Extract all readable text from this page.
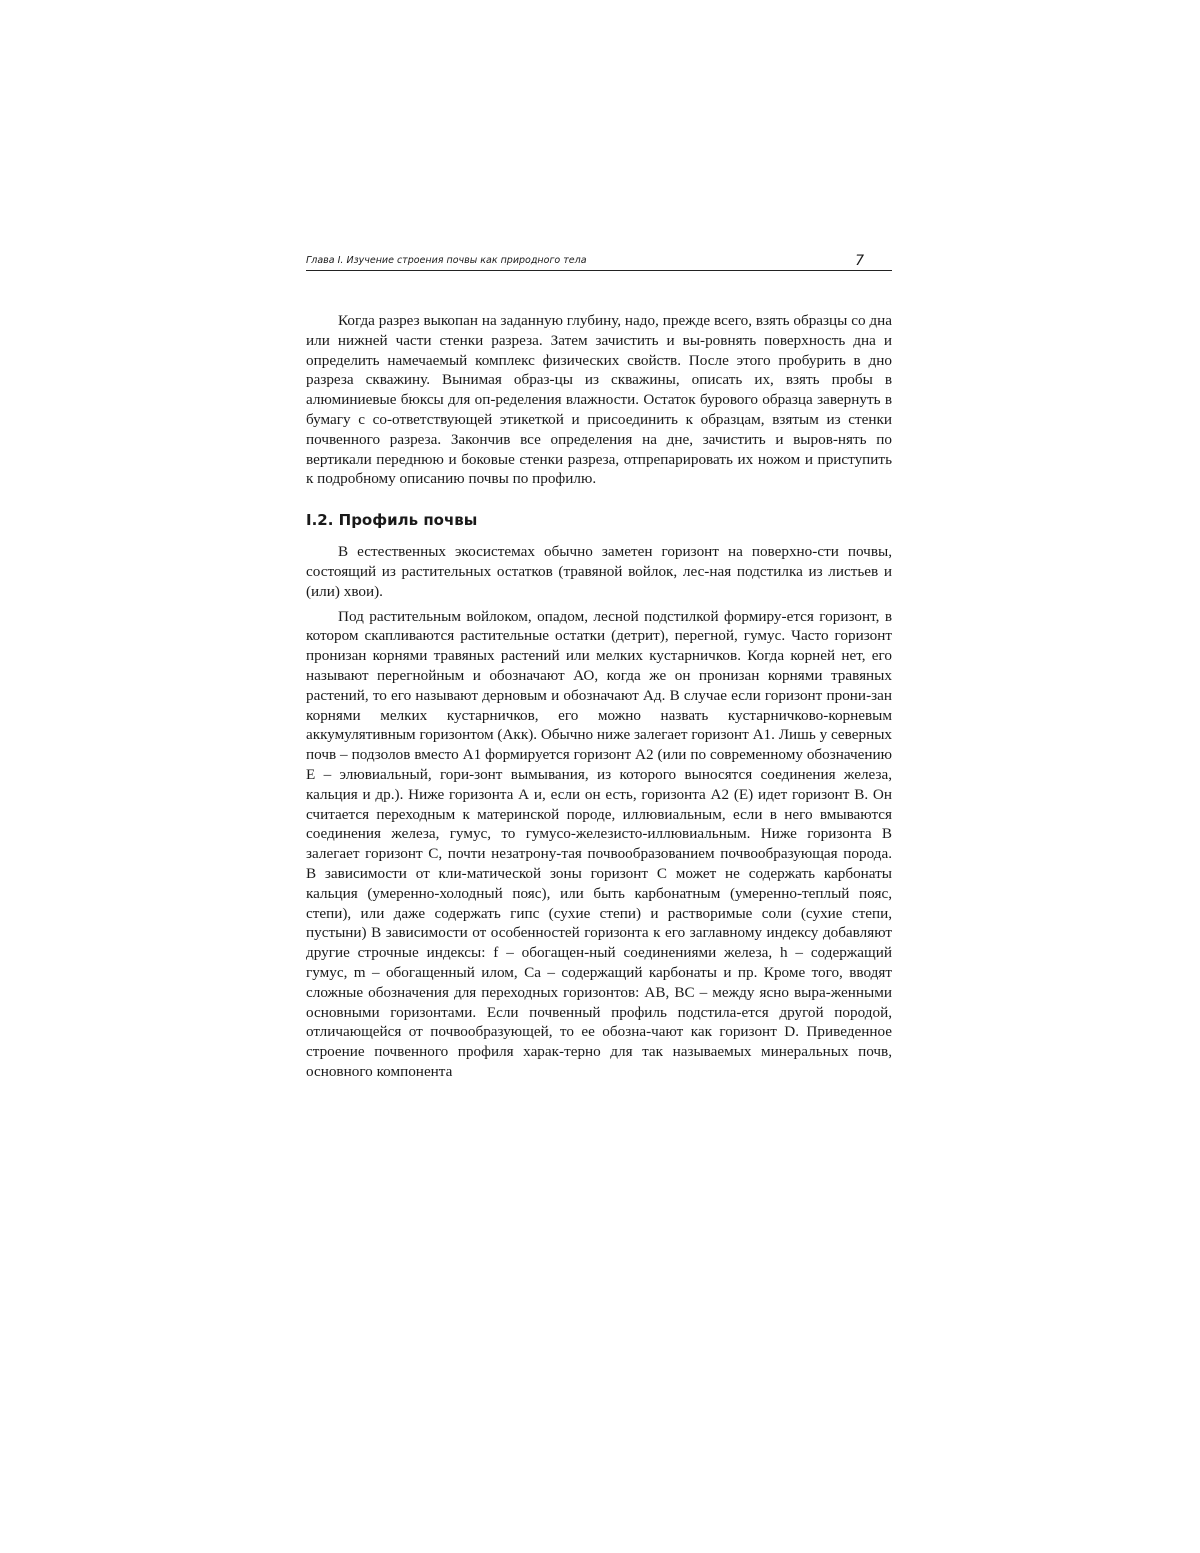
Глава I. Изучение строения почвы как природного тела	7

Когда разрез выкопан на заданную глубину, надо, прежде всего, взять образцы со дна или нижней части стенки разреза. Затем зачистить и вы-ровнять поверхность дна и определить намечаемый комплекс физических свойств. После этого пробурить в дно разреза скважину. Вынимая образ-цы из скважины, описать их, взять пробы в алюминиевые бюксы для оп-ределения влажности. Остаток бурового образца завернуть в бумагу с со-ответствующей этикеткой и присоединить к образцам, взятым из стенки почвенного разреза. Закончив все определения на дне, зачистить и выров-нять по вертикали переднюю и боковые стенки разреза, отпрепарировать их ножом и приступить к подробному описанию почвы по профилю.

I.2. Профиль почвы

В естественных экосистемах обычно заметен горизонт на поверхно-сти почвы, состоящий из растительных остатков (травяной войлок, лес-ная подстилка из листьев и (или) хвои).

Под растительным войлоком, опадом, лесной подстилкой формиру-ется горизонт, в котором скапливаются растительные остатки (детрит), перегной, гумус. Часто горизонт пронизан корнями травяных растений или мелких кустарничков. Когда корней нет, его называют перегнойным и обозначают АО, когда же он пронизан корнями травяных растений, то его называют дерновым и обозначают Ад. В случае если горизонт прони-зан корнями мелких кустарничков, его можно назвать кустарничково-корневым аккумулятивным горизонтом (Акк). Обычно ниже залегает горизонт А1. Лишь у северных почв – подзолов вместо А1 формируется горизонт А2 (или по современному обозначению Е – элювиальный, гори-зонт вымывания, из которого выносятся соединения железа, кальция и др.). Ниже горизонта А и, если он есть, горизонта А2 (Е) идет горизонт В. Он считается переходным к материнской породе, иллювиальным, если в него вмываются соединения железа, гумус, то гумусо-железисто-иллювиальным. Ниже горизонта В залегает горизонт С, почти незатрону-тая почвообразованием почвообразующая порода. В зависимости от кли-матической зоны горизонт С может не содержать карбонаты кальция (умеренно-холодный пояс), или быть карбонатным (умеренно-теплый пояс, степи), или даже содержать гипс (сухие степи) и растворимые соли (сухие степи, пустыни) В зависимости от особенностей горизонта к его заглавному индексу добавляют другие строчные индексы: f – обогащен-ный соединениями железа, h – содержащий гумус, m – обогащенный илом, Ca – содержащий карбонаты и пр. Кроме того, вводят сложные обозначения для переходных горизонтов: АВ, ВС – между ясно выра-женными основными горизонтами. Если почвенный профиль подстила-ется другой породой, отличающейся от почвообразующей, то ее обозна-чают как горизонт D. Приведенное строение почвенного профиля харак-терно для так называемых минеральных почв, основного компонента
